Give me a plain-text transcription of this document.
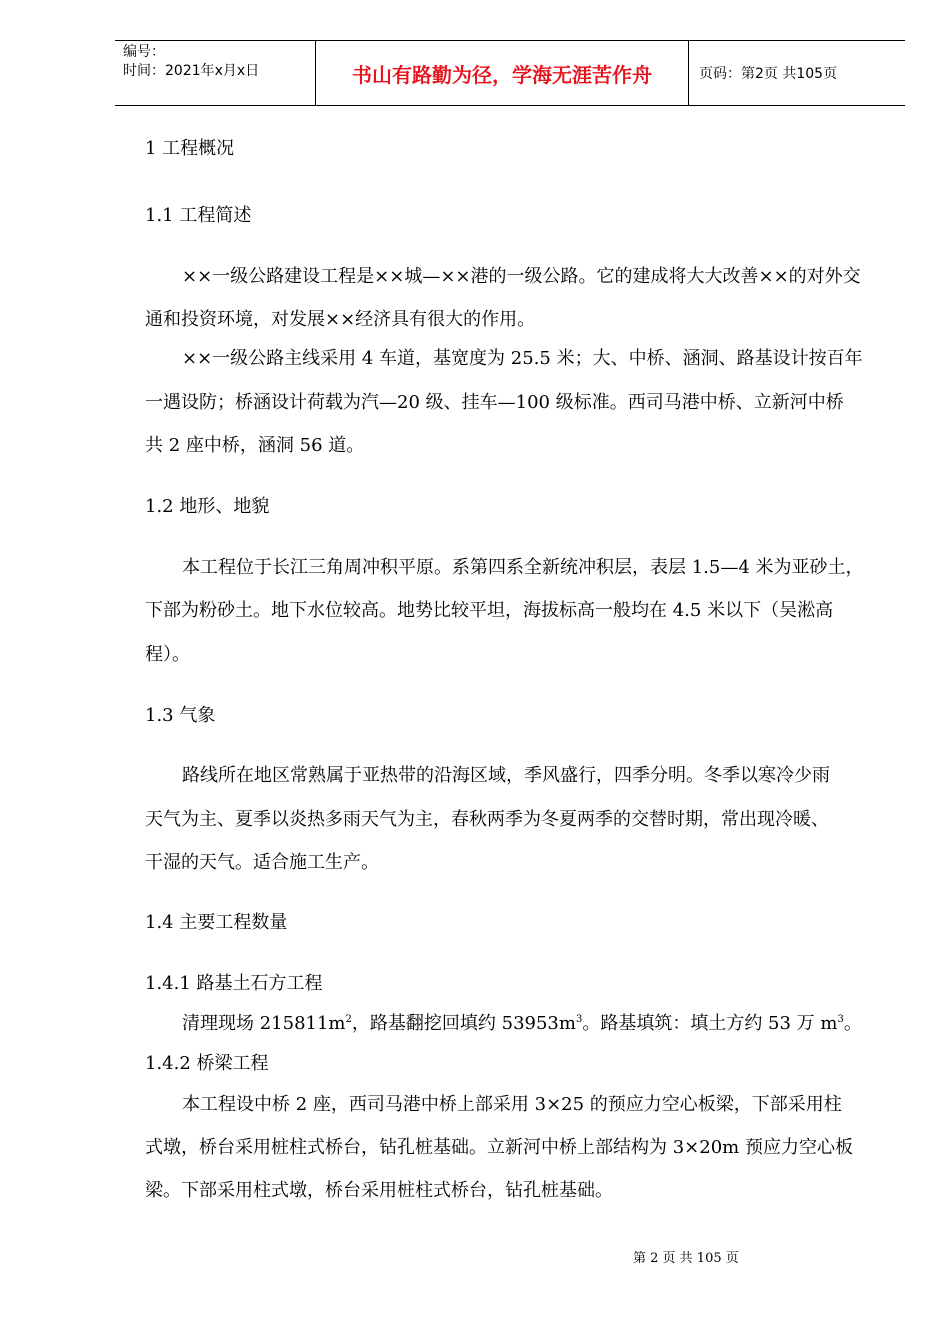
编号：
时间：2021年x月x日	书山有路勤为径，学海无涯苦作舟	页码：第2页 共105页
1 工程概况
1.1 工程简述
××一级公路建设工程是××城—××港的一级公路。它的建成将大大改善××的对外交
通和投资环境，对发展××经济具有很大的作用。
××一级公路主线采用 4 车道，基宽度为 25.5 米；大、中桥、涵洞、路基设计按百年
一遇设防；桥涵设计荷载为汽—20 级、挂车—100 级标准。西司马港中桥、立新河中桥
共 2 座中桥，涵洞 56 道。
1.2 地形、地貌
本工程位于长江三角周冲积平原。系第四系全新统冲积层，表层 1.5—4 米为亚砂土，
下部为粉砂土。地下水位较高。地势比较平坦，海拔标高一般均在 4.5 米以下（吴淞高
程）。
1.3 气象
路线所在地区常熟属于亚热带的沿海区域，季风盛行，四季分明。冬季以寒冷少雨
天气为主、夏季以炎热多雨天气为主，春秋两季为冬夏两季的交替时期，常出现冷暖、
干湿的天气。适合施工生产。
1.4 主要工程数量
1.4.1 路基土石方工程
清理现场 $215811m^2$，路基翻挖回填约 $53953m^3$。路基填筑：填土方约 53 万 $m^3$。
1.4.2 桥梁工程
本工程设中桥 2 座，西司马港中桥上部采用 3×25 的预应力空心板梁，下部采用柱
式墩，桥台采用桩柱式桥台，钻孔桩基础。立新河中桥上部结构为 3×20m 预应力空心板
梁。下部采用柱式墩，桥台采用桩柱式桥台，钻孔桩基础。
第 2 页 共 105 页
